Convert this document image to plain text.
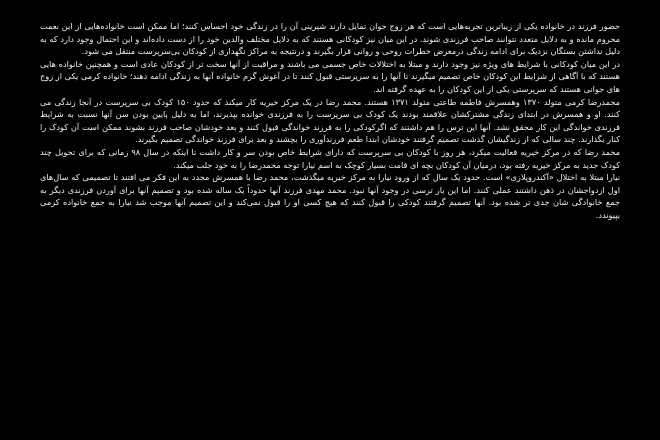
حضور فرزند در خانواده یکی از زیباترین تجربه‌هایی است که هر زوج جوان تمایل دارند شیرینی آن را در زندگی خود احساس کنند؛ اما ممکن است خانواده‌هایی از این نعمت محروم مانده و به دلایل متعدد نتوانند صاحب فرزندی شوند. در این میان نیز کودکانی هستند که به دلایل مختلف والدین خود را از دست داده‌اند و این احتمال وجود دارد که به دلیل نداشتن بستگان نزدیک برای ادامه زندگی درمعرض خطرات روحی و روانی قرار بگیرند و درنتیجه به مراکز نگهداری از کودکان بی‌سرپرست منتقل می شود.

در این میان کودکانی با شرایط های ویژه نیز وجود دارند و مبتلا به اختلالات خاص جسمی می باشند و مراقبت از آنها سخت تر از کودکان عادی است و همچنین خانواده هایی هستند که با آگاهی از شرایط این کودکان خاص تصمیم میگیرند تا آنها را به سرپرستی قبول کنند تا در آغوش گرم خانواده آنها به زندگی ادامه دهند؛ خانواده کرمی یکی از زوج های جوانی هستند که سرپرستی یکی از این کودکان را به عهده گرفته اند.

محمدرضا کرمی متولد ۱۳۷۰ وهمسرش فاطمه طاعتی متولد ۱۳۷۱ هستند. محمد رضا در یک مرکز خیریه کار میکند که حدود ۱۵۰ کودک بی سرپرست در آنجا زندگی می کنند. او و همسرش در ابتدای زندگی مشترکشان علاقمند بودند یک کودک بی سرپرست را به فرزندی خوانده بپذیرند، اما به دلیل پایین بودن سن آنها نسبت به شرایط فرزندی خواندگی این کار محقق نشد. آنها این ترس را هم داشتند که اگرکودکی را به فرزند خواندگی قبول کنند و بعد خودشان صاحب فرزند بشوند ممکن است آن کودک را کنار بگذارند. چند سالی که از زندگیشان گذشت تصمیم گرفتند خودشان ابتدا طعم فرزندآوری را بچشند و بعد برای فرزند خواندگی تصمیم بگیرند.

محمد رضا که در مرکز خیریه فعالیت میکرد، هر روز با کودکان بی سرپرست که دارای شرایط خاص بودن سر و کار داشت تا اینکه در سال ۹۸ زمانی که برای تحویل چند کودک جدید به مرکز خیریه رفته بود، درمیان آن کودکان بچه ای قامت بسیار کوچک به اسم نیارا توجه محمدرضا را به خود جلب میکند.

نیارا مبتلا به اختلال «آکندروپلازی» است. حدود یک سال که از ورود نیارا به مرکز خیریه میگذشت، محمد رضا با همسرش مجدد به این فکر می افتند تا تصمیمی که سال‌های اول ازدواجشان در ذهن داشتند عملی کنند. اما این بار ترسی در وجود آنها نبود. محمد مهدی فرزند آنها حدوداً یک ساله شده بود و تصمیم آنها برای آوردن فرزندی دیگر به جمع خانوادگی شان جدی تر شده بود. آنها تصمیم گرفتند کودکی را قبول کنند که هیچ کسی او را قبول نمی‌کند و این تصمیم آنها موجب شد نیارا به جمع خانواده کرمی بپیوندد.
